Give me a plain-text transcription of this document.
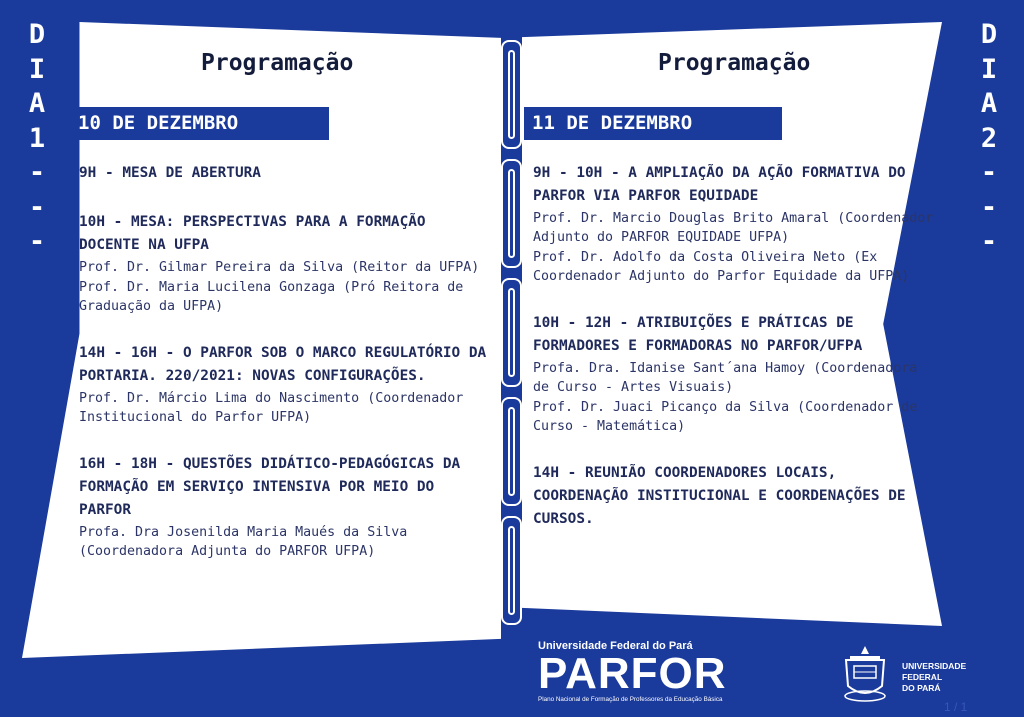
D
I
A
1
-
-
-
D
I
A
2
-
-
-
Programação
10 DE DEZEMBRO
9H - MESA DE ABERTURA
10H - MESA: PERSPECTIVAS PARA A FORMAÇÃO DOCENTE NA UFPA
Prof. Dr. Gilmar Pereira da Silva (Reitor da UFPA)
Prof. Dr. Maria Lucilena Gonzaga (Pró Reitora de Graduação da UFPA)
14H - 16H - O PARFOR SOB O MARCO REGULATÓRIO DA PORTARIA. 220/2021: NOVAS CONFIGURAÇÕES.
Prof. Dr. Márcio Lima do Nascimento (Coordenador Institucional do Parfor UFPA)
16H - 18H - QUESTÕES DIDÁTICO-PEDAGÓGICAS DA FORMAÇÃO EM SERVIÇO INTENSIVA POR MEIO DO PARFOR
Profa. Dra Josenilda Maria Maués da Silva (Coordenadora Adjunta do PARFOR UFPA)
Programação
11 DE DEZEMBRO
9H - 10H - A AMPLIAÇÃO DA AÇÃO FORMATIVA DO PARFOR VIA PARFOR EQUIDADE
Prof. Dr. Marcio Douglas Brito Amaral (Coordenador Adjunto do PARFOR EQUIDADE UFPA)
Prof. Dr. Adolfo da Costa Oliveira Neto (Ex Coordenador Adjunto do Parfor Equidade da UFPA)
10H - 12H - ATRIBUIÇÕES E PRÁTICAS DE FORMADORES E FORMADORAS NO PARFOR/UFPA
Profa. Dra. Idanise Sant´ana Hamoy (Coordenadora de Curso - Artes Visuais)
Prof. Dr. Juaci Picanço da Silva (Coordenador de Curso - Matemática)
14H - REUNIÃO COORDENADORES LOCAIS, COORDENAÇÃO INSTITUCIONAL E COORDENAÇÕES DE CURSOS.
Universidade Federal do Pará
PARFOR
Plano Nacional de Formação de Professores da Educação Básica
UNIVERSIDADE
FEDERAL
DO PARÁ
1 / 1
